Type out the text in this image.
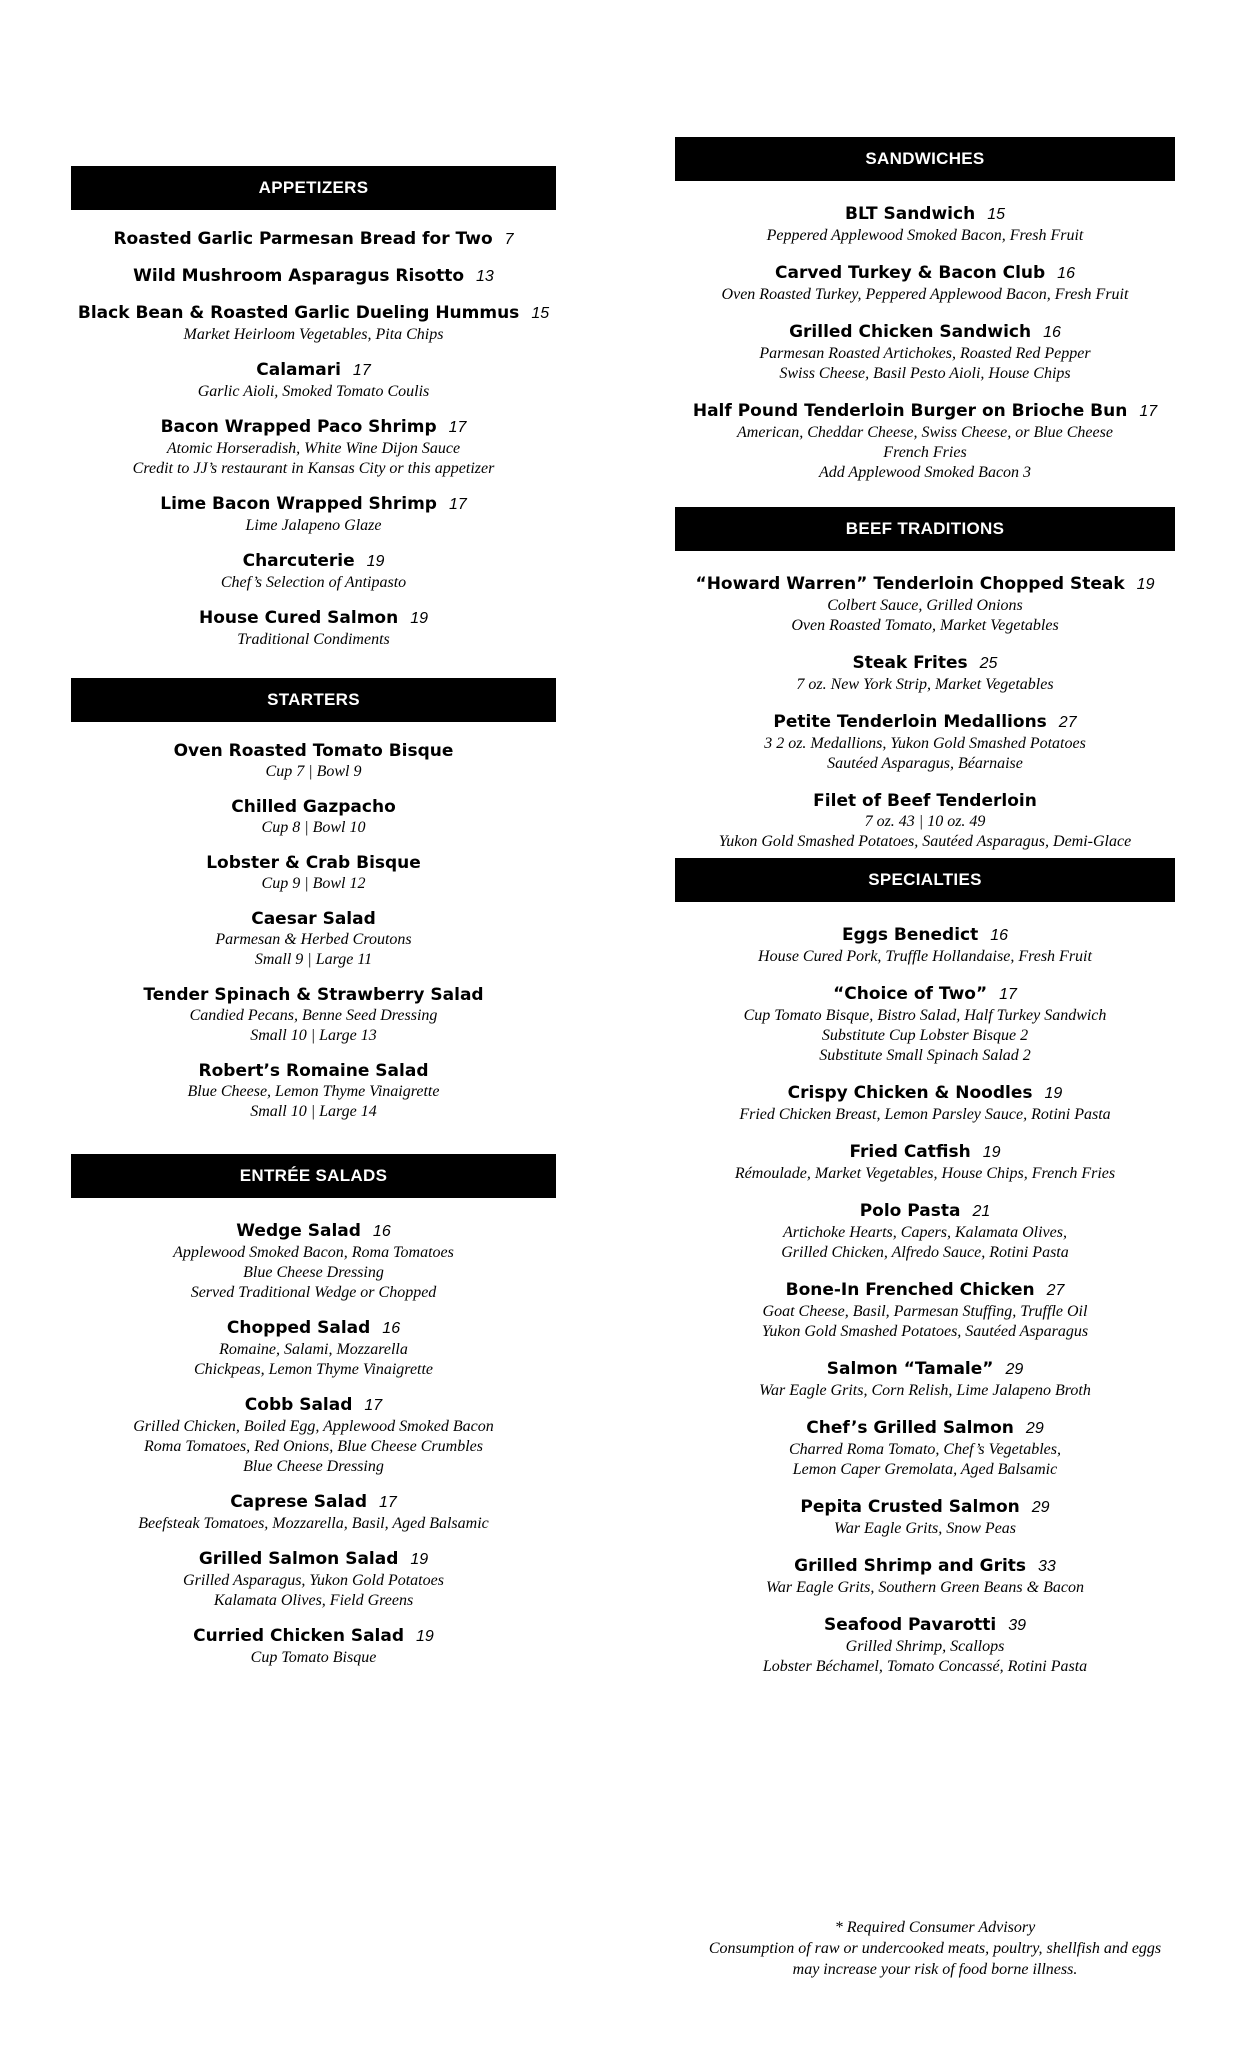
APPETIZERS
Roasted Garlic Parmesan Bread for Two 7
Wild Mushroom Asparagus Risotto 13
Black Bean & Roasted Garlic Dueling Hummus 15
Market Heirloom Vegetables, Pita Chips
Calamari 17
Garlic Aioli, Smoked Tomato Coulis
Bacon Wrapped Paco Shrimp 17
Atomic Horseradish, White Wine Dijon Sauce
Credit to JJ’s restaurant in Kansas City or this appetizer
Lime Bacon Wrapped Shrimp 17
Lime Jalapeno Glaze
Charcuterie 19
Chef’s Selection of Antipasto
House Cured Salmon 19
Traditional Condiments
STARTERS
Oven Roasted Tomato Bisque
Cup 7 | Bowl 9
Chilled Gazpacho
Cup 8 | Bowl 10
Lobster & Crab Bisque
Cup 9 | Bowl 12
Caesar Salad
Parmesan & Herbed Croutons
Small 9 | Large 11
Tender Spinach & Strawberry Salad
Candied Pecans, Benne Seed Dressing
Small 10 | Large 13
Robert’s Romaine Salad
Blue Cheese, Lemon Thyme Vinaigrette
Small 10 | Large 14
ENTRÉE SALADS
Wedge Salad 16
Applewood Smoked Bacon, Roma Tomatoes
Blue Cheese Dressing
Served Traditional Wedge or Chopped
Chopped Salad 16
Romaine, Salami, Mozzarella
Chickpeas, Lemon Thyme Vinaigrette
Cobb Salad 17
Grilled Chicken, Boiled Egg, Applewood Smoked Bacon
Roma Tomatoes, Red Onions, Blue Cheese Crumbles
Blue Cheese Dressing
Caprese Salad 17
Beefsteak Tomatoes, Mozzarella, Basil, Aged Balsamic
Grilled Salmon Salad 19
Grilled Asparagus, Yukon Gold Potatoes
Kalamata Olives, Field Greens
Curried Chicken Salad 19
Cup Tomato Bisque
SANDWICHES
BLT Sandwich 15
Peppered Applewood Smoked Bacon, Fresh Fruit
Carved Turkey & Bacon Club 16
Oven Roasted Turkey, Peppered Applewood Bacon, Fresh Fruit
Grilled Chicken Sandwich 16
Parmesan Roasted Artichokes, Roasted Red Pepper
Swiss Cheese, Basil Pesto Aioli, House Chips
Half Pound Tenderloin Burger on Brioche Bun 17
American, Cheddar Cheese, Swiss Cheese, or Blue Cheese
French Fries
Add Applewood Smoked Bacon 3
BEEF TRADITIONS
“Howard Warren” Tenderloin Chopped Steak 19
Colbert Sauce, Grilled Onions
Oven Roasted Tomato, Market Vegetables
Steak Frites 25
7 oz. New York Strip, Market Vegetables
Petite Tenderloin Medallions 27
3 2 oz. Medallions, Yukon Gold Smashed Potatoes
Sautéed Asparagus, Béarnaise
Filet of Beef Tenderloin
7 oz. 43 | 10 oz. 49
Yukon Gold Smashed Potatoes, Sautéed Asparagus, Demi-Glace
SPECIALTIES
Eggs Benedict 16
House Cured Pork, Truffle Hollandaise, Fresh Fruit
“Choice of Two” 17
Cup Tomato Bisque, Bistro Salad, Half Turkey Sandwich
Substitute Cup Lobster Bisque 2
Substitute Small Spinach Salad 2
Crispy Chicken & Noodles 19
Fried Chicken Breast, Lemon Parsley Sauce, Rotini Pasta
Fried Catfish 19
Rémoulade, Market Vegetables, House Chips, French Fries
Polo Pasta 21
Artichoke Hearts, Capers, Kalamata Olives,
Grilled Chicken, Alfredo Sauce, Rotini Pasta
Bone-In Frenched Chicken 27
Goat Cheese, Basil, Parmesan Stuffing, Truffle Oil
Yukon Gold Smashed Potatoes, Sautéed Asparagus
Salmon “Tamale” 29
War Eagle Grits, Corn Relish, Lime Jalapeno Broth
Chef’s Grilled Salmon 29
Charred Roma Tomato, Chef’s Vegetables,
Lemon Caper Gremolata, Aged Balsamic
Pepita Crusted Salmon 29
War Eagle Grits, Snow Peas
Grilled Shrimp and Grits 33
War Eagle Grits, Southern Green Beans & Bacon
Seafood Pavarotti 39
Grilled Shrimp, Scallops
Lobster Béchamel, Tomato Concassé, Rotini Pasta
* Required Consumer Advisory
Consumption of raw or undercooked meats, poultry, shellfish and eggs
may increase your risk of food borne illness.
